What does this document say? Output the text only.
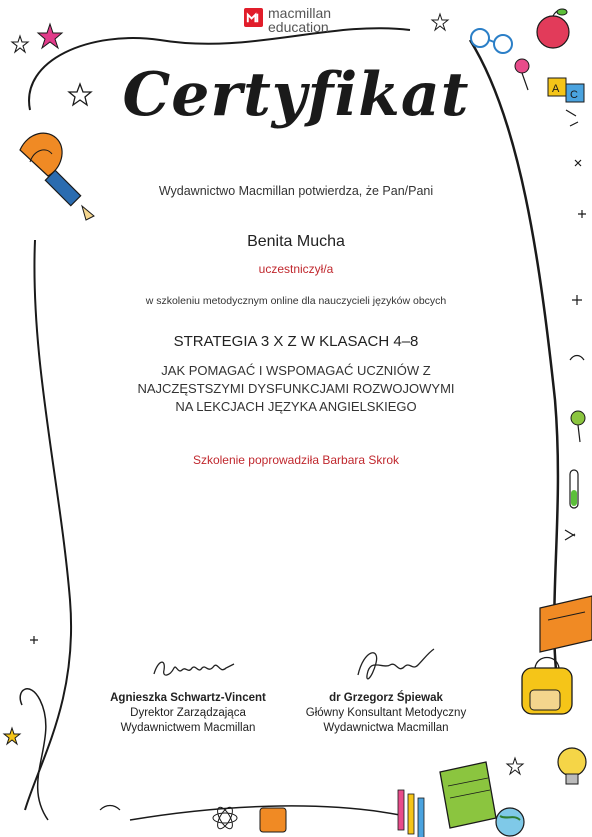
A C
macmillan
education
Certyfikat
Wydawnictwo Macmillan potwierdza, że Pan/Pani
Benita Mucha
uczestniczył/a
w szkoleniu metodycznym online dla nauczycieli języków obcych
STRATEGIA 3 X Z W KLASACH 4–8
JAK POMAGAĆ I WSPOMAGAĆ UCZNIÓW Z
NAJCZĘSTSZYMI DYSFUNKCJAMI ROZWOJOWYMI
NA LEKCJACH JĘZYKA ANGIELSKIEGO
Szkolenie poprowadziła Barbara Skrok
Agnieszka Schwartz-Vincent
Dyrektor Zarządzająca
Wydawnictwem Macmillan
dr Grzegorz Śpiewak
Główny Konsultant Metodyczny
Wydawnictwa Macmillan
